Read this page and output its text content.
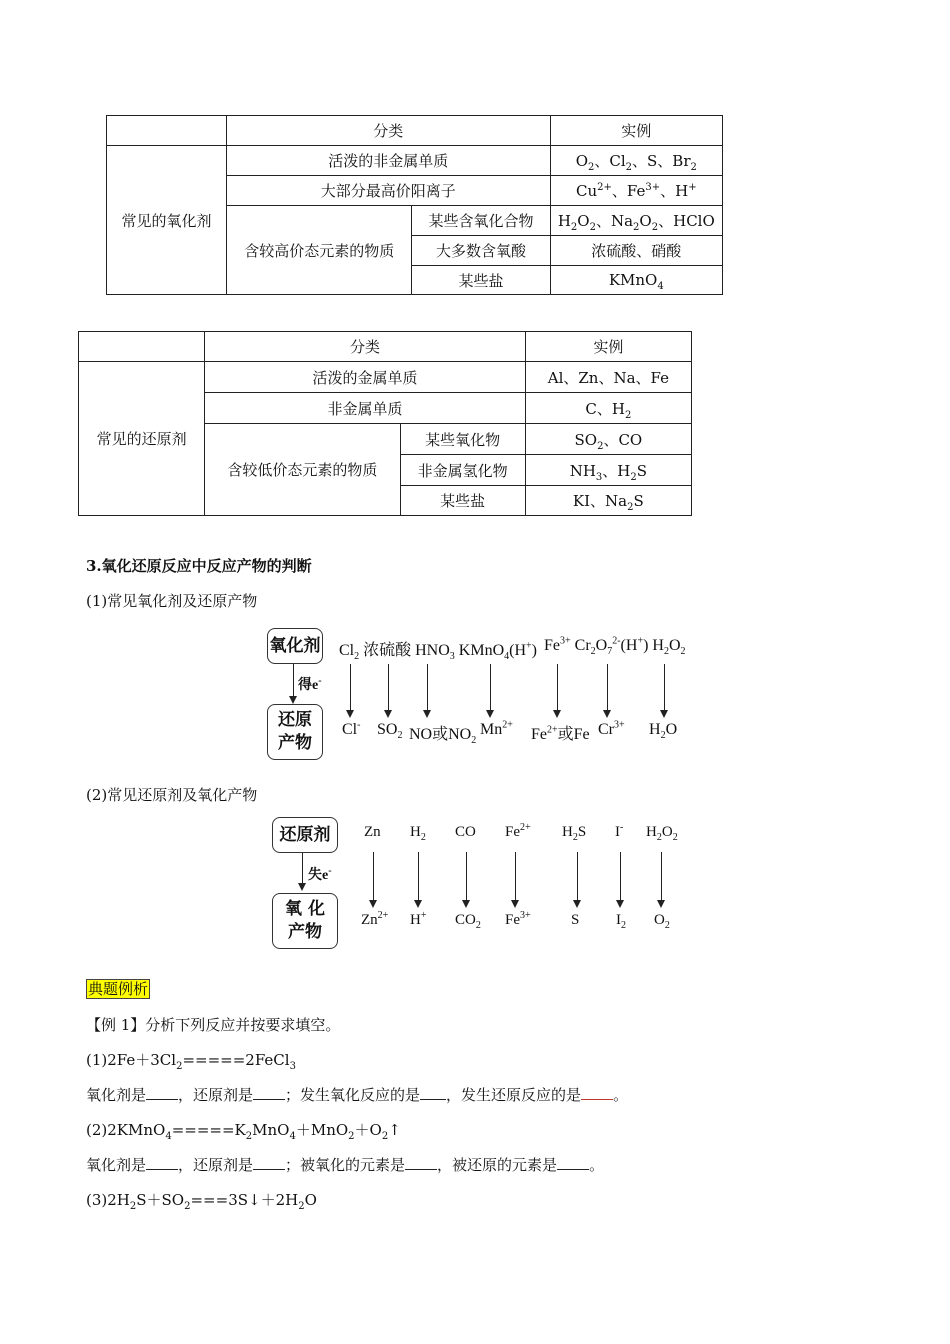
	分类		实例
常见的氧化剂	活泼的非金属单质		$O_2$、$Cl_2$、S、$Br_2$
	大部分最高价阳离子		$Cu^{2+}$、$Fe^{3+}$、H+
	含较高价态元素的物质	某些含氧化合物	$H_2O_2$、$Na_2O_2$、HClO
		大多数含氧酸	浓硫酸、硝酸
		某些盐	KMnO$_4$
	分类		实例
常见的还原剂	活泼的金属单质		Al、Zn、Na、Fe
	非金属单质		C、$H_2$
	含较低价态元素的物质	某些氧化物	$SO_2$、CO
		非金属氢化物	$NH_3$、$H_2S$
		某些盐	KI、$Na_2S$
3.氧化还原反应中反应产物的判断
(1)常见氧化剂及还原产物
氧化剂
得e-
还原
产物
$Cl_2$ 浓硫酸 $HNO_3$ KMnO$_4$(H+) $Fe^{3+}$ $Cr_2O_7^{2-}(H^+)$ $H_2O_2$
Cl- $SO_2$ NO或$NO_2$
$Mn^{2+}$
$Fe^{2+}$或Fe $Cr^{3+}$ $H_2O$
(2)常见还原剂及氧化产物
还原剂
失e-
氧 化
产物
Zn $H_2$ CO $Fe^{2+}$ $H_2S$ I- $H_2O_2$
$Zn^{2+}$ H+ $CO_2$ $Fe^{3+}$	S $I_2$ $O_2$
典题例析
【例 1】分析下列反应并按要求填空。
$(1)2Fe+3Cl_2=====2FeCl_3$
氧化剂是 ，还原剂是 ；发生氧化反应的是 ，发生还原反应的是 。
$(2)2KMnO_4=====K_2MnO_4+MnO_2+O_2↑$
氧化剂是 ，还原剂是 ；被氧化的元素是 ，被还原的元素是 。
$(3)2H_2S+SO_2===3S↓+2H_2O$
